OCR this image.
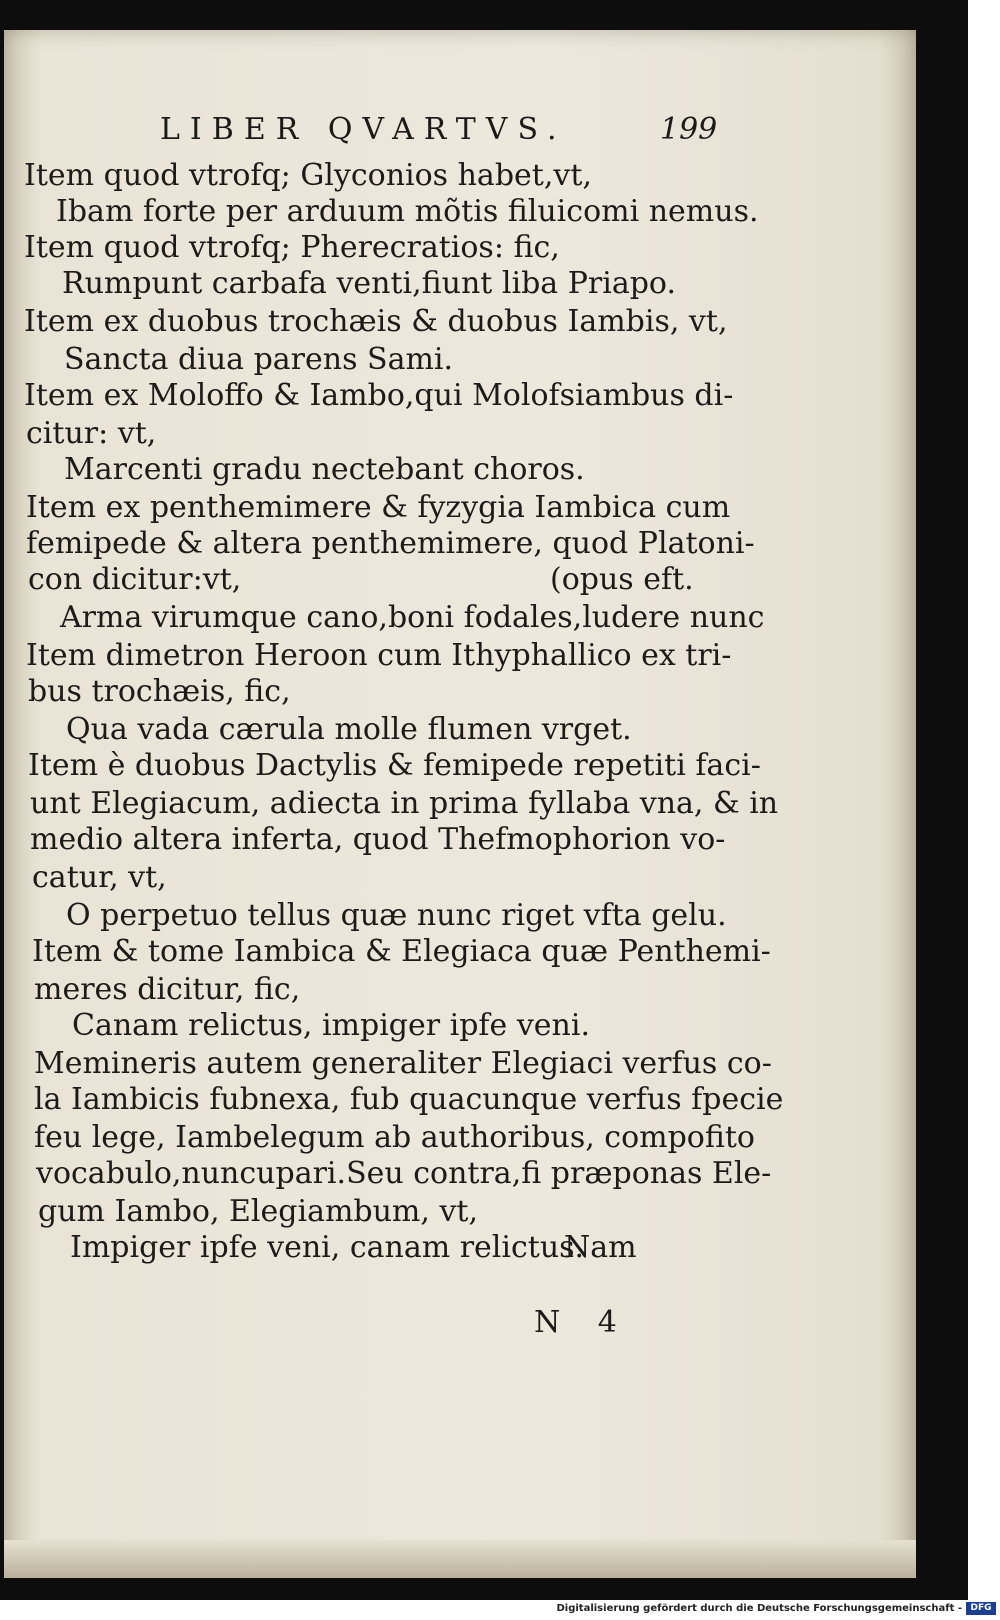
LIBER QVARTVS.	199
Item quod vtrofq; Glyconios habet,vt,
Ibam forte per arduum mõtis filuicomi nemus.
Item quod vtrofq; Pherecratios: fic,
Rumpunt carbafa venti,fiunt liba Priapo.
Item ex duobus trochæis & duobus Iambis, vt,
Sancta diua parens Sami.
Item ex Moloffo & Iambo,qui Molofsiambus di-
citur: vt,
Marcenti gradu nectebant choros.
Item ex penthemimere & fyzygia Iambica cum
femipede & altera penthemimere, quod Platoni-
con dicitur:vt,	(opus eft.
Arma virumque cano,boni fodales,ludere nunc
Item dimetron Heroon cum Ithyphallico ex tri-
bus trochæis, fic,
Qua vada cærula molle flumen vrget.
Item è duobus Dactylis & femipede repetiti faci-
unt Elegiacum, adiecta in prima fyllaba vna, & in
medio altera inferta, quod Thefmophorion vo-
catur, vt,
O perpetuo tellus quæ nunc riget vfta gelu.
Item & tome Iambica & Elegiaca quæ Penthemi-
meres dicitur, fic,
Canam relictus, impiger ipfe veni.
Memineris autem generaliter Elegiaci verfus co-
la Iambicis fubnexa, fub quacunque verfus fpecie
feu lege, Iambelegum ab authoribus, compofito
vocabulo,nuncupari.Seu contra,fi præponas Ele-
gum Iambo, Elegiambum, vt,
Impiger ipfe veni, canam relictus.
Nam
N 4
Digitalisierung gefördert durch die Deutsche Forschungsgemeinschaft - DFG
